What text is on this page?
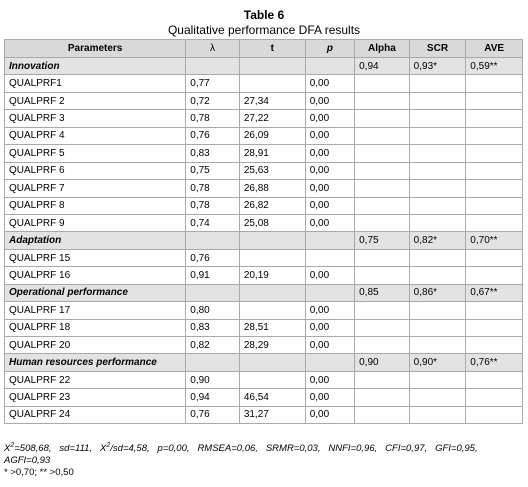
Table 6
Qualitative performance DFA results
Parameters	λ	t	p	Alpha	SCR	AVE
Innovation				0,94	0,93*	0,59**
QUALPRF1	0,77		0,00			
QUALPRF 2	0,72	27,34	0,00			
QUALPRF 3	0,78	27,22	0,00			
QUALPRF 4	0,76	26,09	0,00			
QUALPRF 5	0,83	28,91	0,00			
QUALPRF 6	0,75	25,63	0,00			
QUALPRF 7	0,78	26,88	0,00			
QUALPRF 8	0,78	26,82	0,00			
QUALPRF 9	0,74	25,08	0,00			
Adaptation				0,75	0,82*	0,70**
QUALPRF 15	0,76					
QUALPRF 16	0,91	20,19	0,00			
Operational performance				0,85	0,86*	0,67**
QUALPRF 17	0,80		0,00			
QUALPRF 18	0,83	28,51	0,00			
QUALPRF 20	0,82	28,29	0,00			
Human resources performance				0,90	0,90*	0,76**
QUALPRF 22	0,90		0,00			
QUALPRF 23	0,94	46,54	0,00			
QUALPRF 24	0,76	31,27	0,00			
$X^2=508,68$, sd=111, $X^2/sd=4,58$, p=0,00, RMSEA=0,06, SRMR=0,03, NNFI=0,96, CFI=0,97, GFI=0,95, AGFI=0,93
* >0,70; ** >0,50
